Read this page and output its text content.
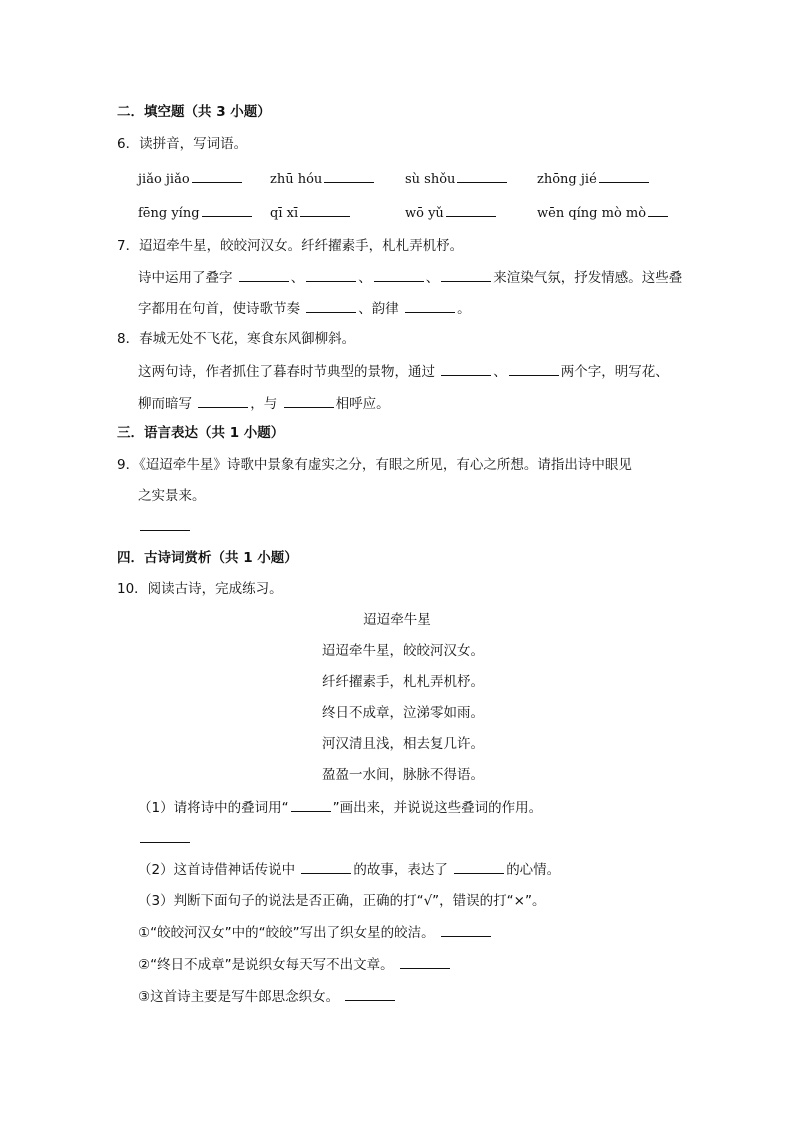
二．填空题（共 3 小题）
6．读拼音，写词语。
jiǎo jiǎo	zhū hóu	sù shǒu	zhōng jié
fēng yíng	qī xī	wō yǔ	wēn qíng mò mò
7．迢迢牵牛星，皎皎河汉女。纤纤擢素手，札札弄机杼。
诗中运用了叠字	、	、	、	来渲染气氛，抒发情感。这些叠
字都用在句首，使诗歌节奏	、韵律	。
8．春城无处不飞花，寒食东风御柳斜。
这两句诗，作者抓住了暮春时节典型的景物，通过	、	两个字，明写花、
柳而暗写	，与	相呼应。
三．语言表达（共 1 小题）
9．《迢迢牵牛星》诗歌中景象有虚实之分，有眼之所见，有心之所想。请指出诗中眼见
之实景来。
四．古诗词赏析（共 1 小题）
10．阅读古诗，完成练习。
迢迢牵牛星
迢迢牵牛星，皎皎河汉女。
纤纤擢素手，札札弄机杼。
终日不成章，泣涕零如雨。
河汉清且浅，相去复几许。
盈盈一水间，脉脉不得语。
（1）请将诗中的叠词用“	”画出来，并说说这些叠词的作用。
（2）这首诗借神话传说中	的故事，表达了	的心情。
（3）判断下面句子的说法是否正确，正确的打“√”，错误的打“×”。
①“皎皎河汉女”中的“皎皎”写出了织女星的皎洁。
②“终日不成章”是说织女每天写不出文章。
③这首诗主要是写牛郎思念织女。
